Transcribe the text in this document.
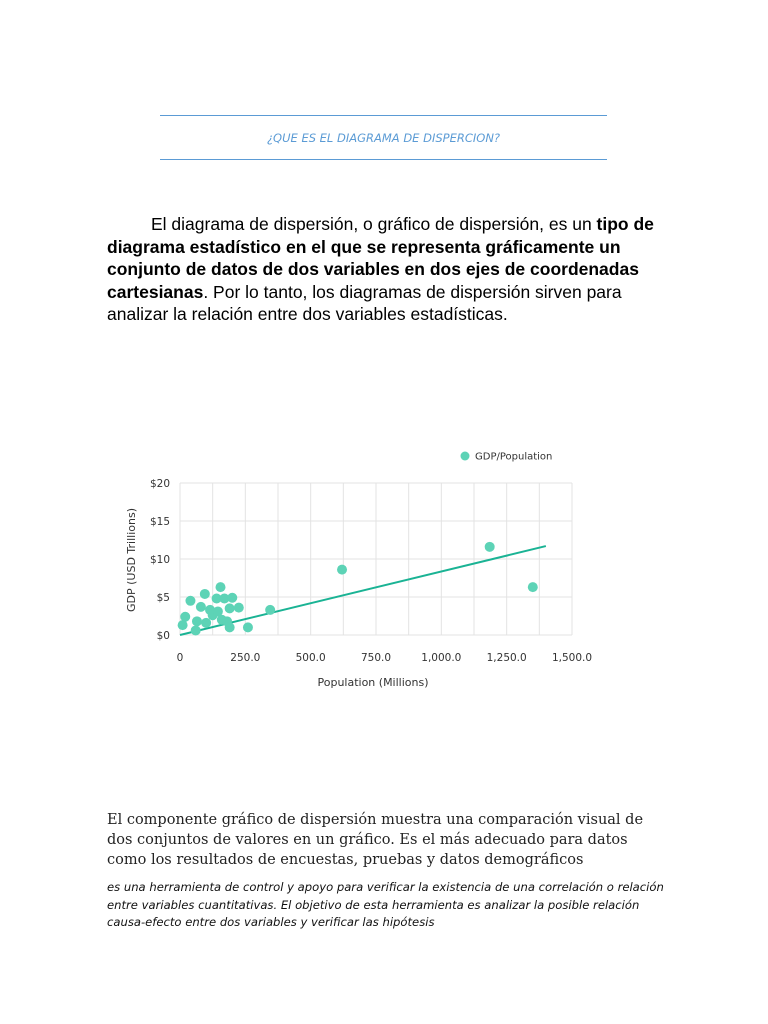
¿QUE ES EL DIAGRAMA DE DISPERCION?

El diagrama de dispersión, o gráfico de dispersión, es un tipo de diagrama estadístico en el que se representa gráficamente un conjunto de datos de dos variables en dos ejes de coordenadas cartesianas. Por lo tanto, los diagramas de dispersión sirven para analizar la relación entre dos variables estadísticas.

0	250.0	500.0	750.0	1,000.0 1,250.0 1,500.0
$0
$5
$10
$15
$20
Population (Millions)
GDP (USD Trillions)
GDP/Population

El componente gráfico de dispersión muestra una comparación visual de dos conjuntos de valores en un gráfico. Es el más adecuado para datos como los resultados de encuestas, pruebas y datos demográficos

es una herramienta de control y apoyo para verificar la existencia de una correlación o relación entre variables cuantitativas. El objetivo de esta herramienta es analizar la posible relación causa-efecto entre dos variables y verificar las hipótesis
